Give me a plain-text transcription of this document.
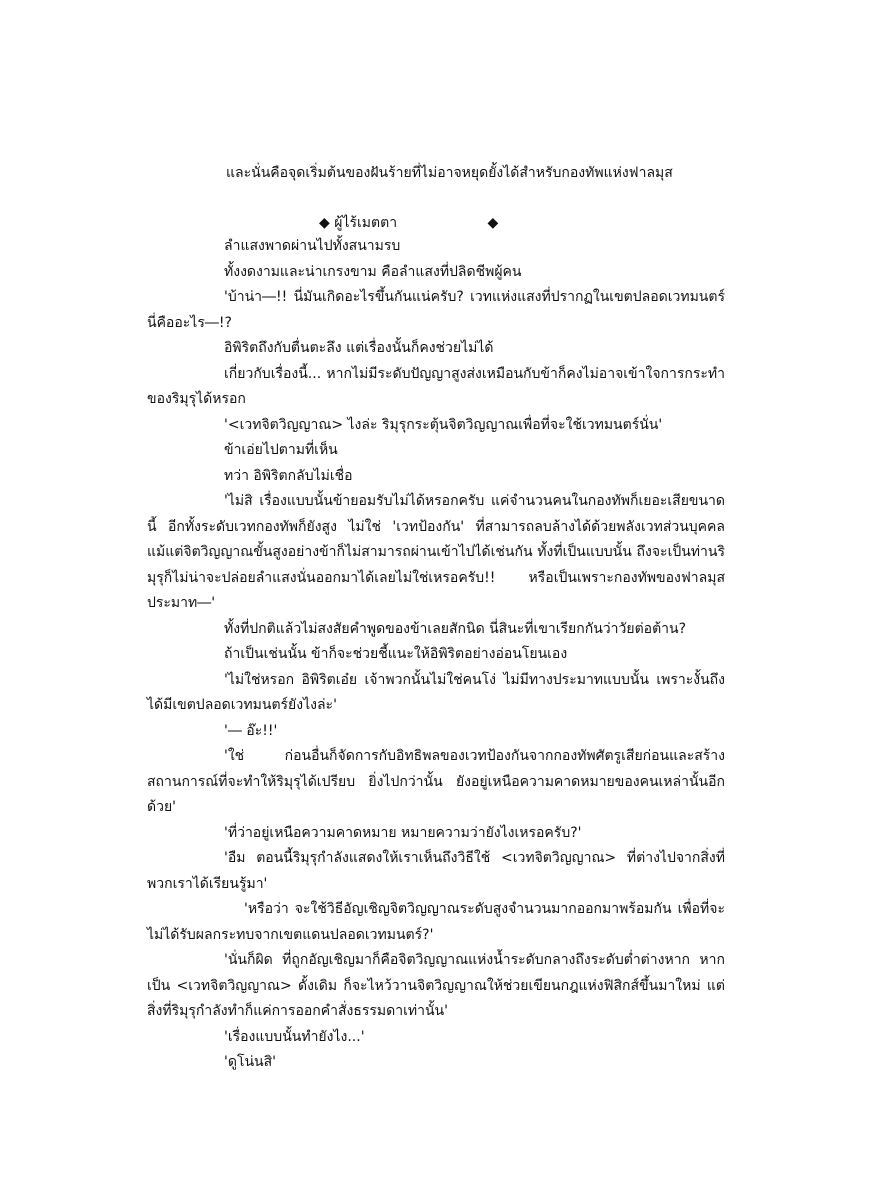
และนั่นคือจุดเริ่มต้นของฝันร้ายที่ไม่อาจหยุดยั้งได้สำหรับกองทัพแห่งฟาลมุส

◆ ผู้ไร้เมตตา	◆

ลำแสงพาดผ่านไปทั้งสนามรบ

ทั้งงดงามและน่าเกรงขาม คือลำแสงที่ปลิดชีพผู้คน

'บ้าน่า―!! นี่มันเกิดอะไรขึ้นกันแน่ครับ? เวทแห่งแสงที่ปรากฏในเขตปลอดเวทมนตร์นี่คืออะไร―!?

อิพิริตถึงกับตื่นตะลึง แต่เรื่องนั้นก็คงช่วยไม่ได้

เกี่ยวกับเรื่องนี้... หากไม่มีระดับปัญญาสูงส่งเหมือนกับข้าก็คงไม่อาจเข้าใจการกระทำของริมุรุได้หรอก

'<เวทจิตวิญญาณ> ไงล่ะ ริมุรุกระตุ้นจิตวิญญาณเพื่อที่จะใช้เวทมนตร์นั่น'

ข้าเอ่ยไปตามที่เห็น

ทว่า อิพิริตกลับไม่เชื่อ

'ไม่สิ เรื่องแบบนั้นข้ายอมรับไม่ได้หรอกครับ แค่จำนวนคนในกองทัพก็เยอะเสียขนาดนี้ อีกทั้งระดับเวทกองทัพก็ยังสูง ไม่ใช่ 'เวทป้องกัน' ที่สามารถลบล้างได้ด้วยพลังเวทส่วนบุคคล แม้แต่จิตวิญญาณขั้นสูงอย่างข้าก็ไม่สามารถผ่านเข้าไปได้เช่นกัน ทั้งที่เป็นแบบนั้น ถึงจะเป็นท่านริมุรุก็ไม่น่าจะปล่อยลำแสงนั่นออกมาได้เลยไม่ใช่เหรอครับ!! หรือเป็นเพราะกองทัพของฟาลมุสประมาท―'

ทั้งที่ปกติแล้วไม่สงสัยคำพูดของข้าเลยสักนิด นี่สินะที่เขาเรียกกันว่าวัยต่อต้าน?

ถ้าเป็นเช่นนั้น ข้าก็จะช่วยชี้แนะให้อิพิริตอย่างอ่อนโยนเอง

'ไม่ใช่หรอก อิพิริตเอ๋ย เจ้าพวกนั้นไม่ใช่คนโง่ ไม่มีทางประมาทแบบนั้น เพราะงั้นถึงได้มีเขตปลอดเวทมนตร์ยังไงล่ะ'

'― อ๊ะ!!'

'ใช่ ก่อนอื่นก็จัดการกับอิทธิพลของเวทป้องกันจากกองทัพศัตรูเสียก่อนและสร้างสถานการณ์ที่จะทำให้ริมุรุได้เปรียบ ยิ่งไปกว่านั้น ยังอยู่เหนือความคาดหมายของคนเหล่านั้นอีกด้วย'

'ที่ว่าอยู่เหนือความคาดหมาย หมายความว่ายังไงเหรอครับ?'

'อืม ตอนนี้ริมุรุกำลังแสดงให้เราเห็นถึงวิธีใช้ <เวทจิตวิญญาณ> ที่ต่างไปจากสิ่งที่พวกเราได้เรียนรู้มา'

'หรือว่า จะใช้วิธีอัญเชิญจิตวิญญาณระดับสูงจำนวนมากออกมาพร้อมกัน เพื่อที่จะไม่ได้รับผลกระทบจากเขตแดนปลอดเวทมนตร์?'

'นั่นก็ผิด ที่ถูกอัญเชิญมาก็คือจิตวิญญาณแห่งน้ำระดับกลางถึงระดับต่ำต่างหาก หากเป็น <เวทจิตวิญญาณ> ดั้งเดิม ก็จะไหว้วานจิตวิญญาณให้ช่วยเขียนกฎแห่งฟิสิกส์ขึ้นมาใหม่ แต่สิ่งที่ริมุรุกำลังทำก็แค่การออกคำสั่งธรรมดาเท่านั้น'

'เรื่องแบบนั้นทำยังไง...'

'ดูโน่นสิ'
